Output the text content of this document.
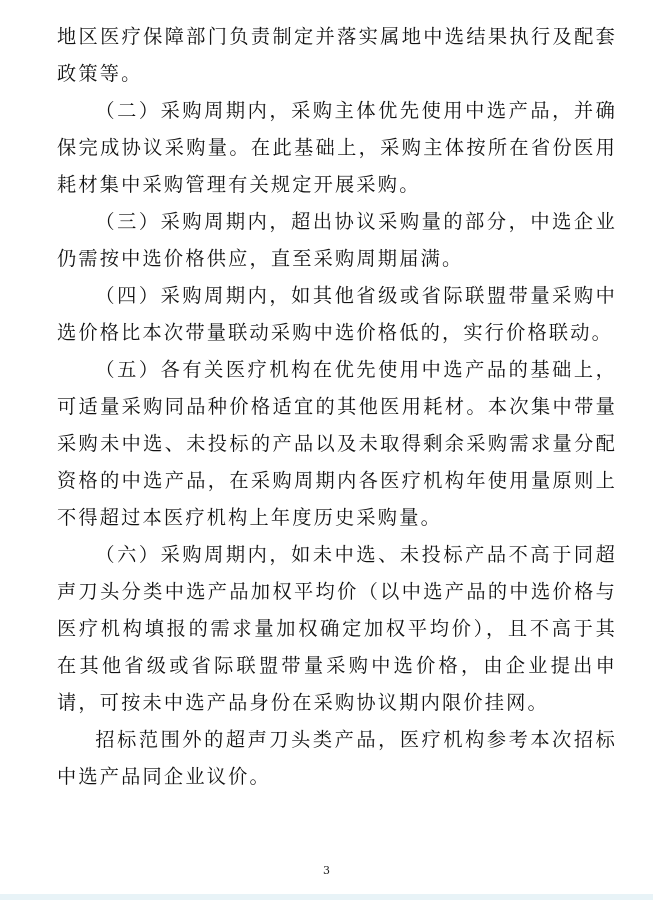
地区医疗保障部门负责制定并落实属地中选结果执行及配套政策等。

（二）采购周期内，采购主体优先使用中选产品，并确保完成协议采购量。在此基础上，采购主体按所在省份医用耗材集中采购管理有关规定开展采购。

（三）采购周期内，超出协议采购量的部分，中选企业仍需按中选价格供应，直至采购周期届满。

（四）采购周期内，如其他省级或省际联盟带量采购中选价格比本次带量联动采购中选价格低的，实行价格联动。

（五）各有关医疗机构在优先使用中选产品的基础上，可适量采购同品种价格适宜的其他医用耗材。本次集中带量采购未中选、未投标的产品以及未取得剩余采购需求量分配资格的中选产品，在采购周期内各医疗机构年使用量原则上不得超过本医疗机构上年度历史采购量。

（六）采购周期内，如未中选、未投标产品不高于同超声刀头分类中选产品加权平均价（以中选产品的中选价格与医疗机构填报的需求量加权确定加权平均价），且不高于其在其他省级或省际联盟带量采购中选价格，由企业提出申请，可按未中选产品身份在采购协议期内限价挂网。

招标范围外的超声刀头类产品，医疗机构参考本次招标中选产品同企业议价。

3
